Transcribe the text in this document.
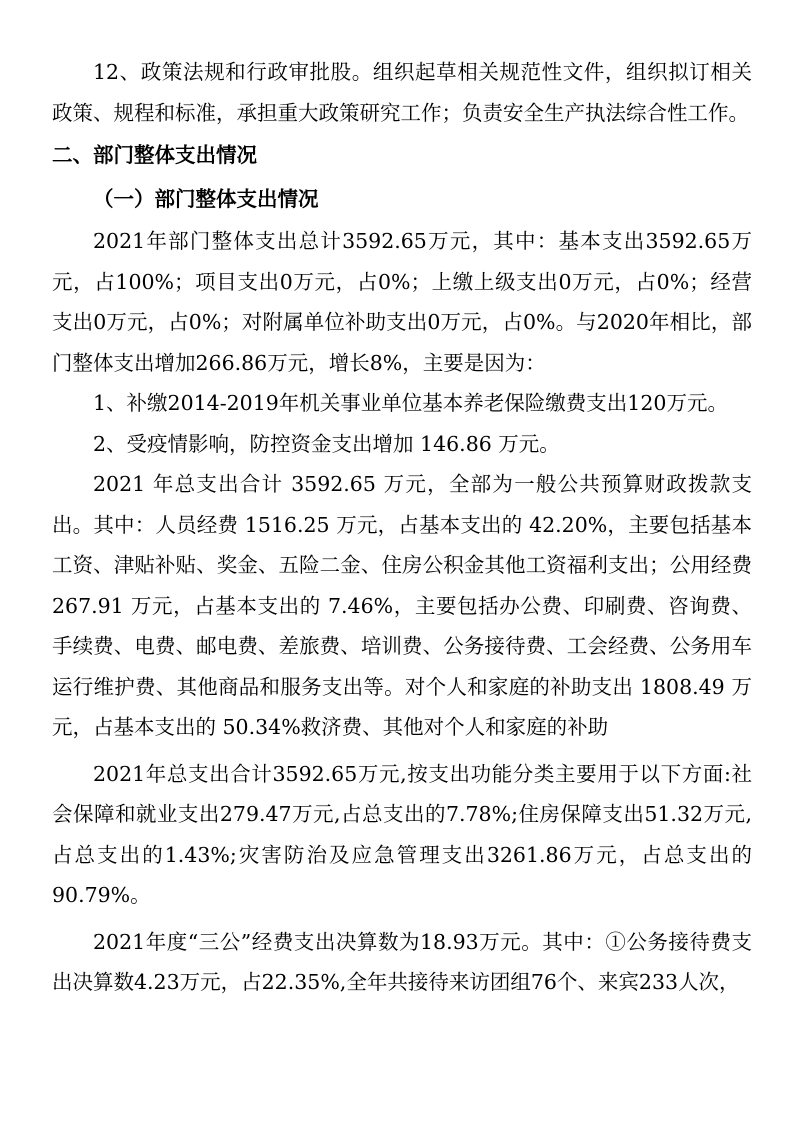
12、政策法规和行政审批股。组织起草相关规范性文件，组织拟订相关政策、规程和标准，承担重大政策研究工作；负责安全生产执法综合性工作。

二、部门整体支出情况

（一）部门整体支出情况

2021年部门整体支出总计3592.65万元，其中：基本支出3592.65万元，占100%；项目支出0万元，占0%；上缴上级支出0万元，占0%；经营支出0万元，占0%；对附属单位补助支出0万元，占0%。与2020年相比，部门整体支出增加266.86万元，增长8%，主要是因为：

1、补缴2014-2019年机关事业单位基本养老保险缴费支出120万元。

2、受疫情影响，防控资金支出增加 146.86 万元。

2021 年总支出合计 3592.65 万元，全部为一般公共预算财政拨款支出。其中：人员经费 1516.25 万元，占基本支出的 42.20%，主要包括基本工资、津贴补贴、奖金、五险二金、住房公积金其他工资福利支出；公用经费 267.91 万元，占基本支出的 7.46%，主要包括办公费、印刷费、咨询费、手续费、电费、邮电费、差旅费、培训费、公务接待费、工会经费、公务用车运行维护费、其他商品和服务支出等。对个人和家庭的补助支出 1808.49 万元，占基本支出的 50.34%救济费、其他对个人和家庭的补助

2021年总支出合计3592.65万元,按支出功能分类主要用于以下方面:社会保障和就业支出279.47万元,占总支出的7.78%;住房保障支出51.32万元,占总支出的1.43%;灾害防治及应急管理支出3261.86万元，占总支出的90.79%。

2021年度“三公”经费支出决算数为18.93万元。其中：①公务接待费支出决算数4.23万元，占22.35%,全年共接待来访团组76个、来宾233人次，
